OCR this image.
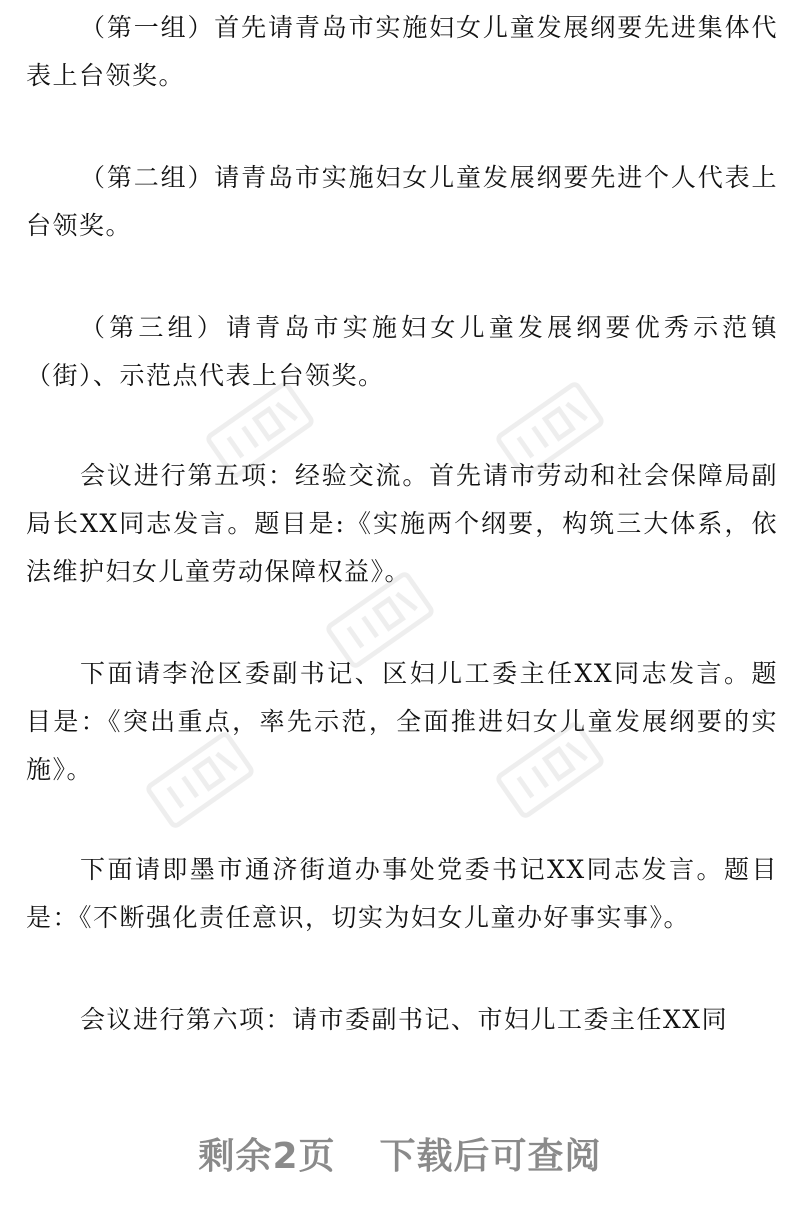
（第一组）首先请青岛市实施妇女儿童发展纲要先进集体代表上台领奖。

（第二组）请青岛市实施妇女儿童发展纲要先进个人代表上台领奖。

（第三组）请青岛市实施妇女儿童发展纲要优秀示范镇（街）、示范点代表上台领奖。

会议进行第五项：经验交流。首先请市劳动和社会保障局副局长XX同志发言。题目是:《实施两个纲要，构筑三大体系，依法维护妇女儿童劳动保障权益》。

下面请李沧区委副书记、区妇儿工委主任XX同志发言。题目是：《突出重点，率先示范，全面推进妇女儿童发展纲要的实施》。

下面请即墨市通济街道办事处党委书记XX同志发言。题目是：《不断强化责任意识，切实为妇女儿童办好事实事》。

会议进行第六项：请市委副书记、市妇儿工委主任XX同

剩余2页 下载后可查阅
